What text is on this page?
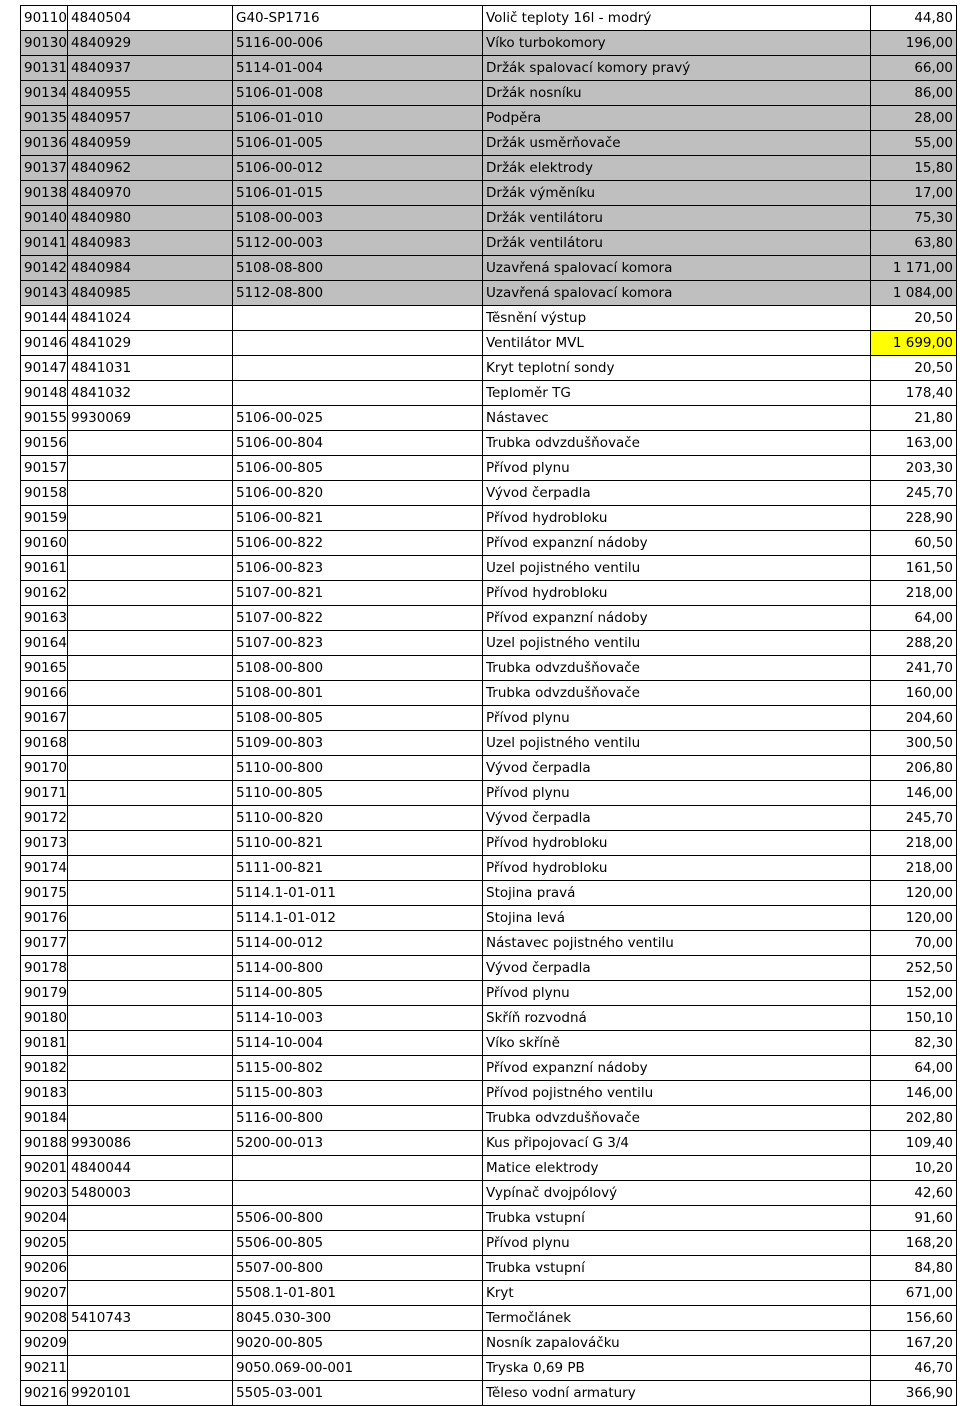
90110	4840504	G40-SP1716	Volič teploty 16l - modrý	44,80
90130	4840929	5116-00-006	Víko turbokomory	196,00
90131	4840937	5114-01-004	Držák spalovací komory pravý	66,00
90134	4840955	5106-01-008	Držák nosníku	86,00
90135	4840957	5106-01-010	Podpěra	28,00
90136	4840959	5106-01-005	Držák usměrňovače	55,00
90137	4840962	5106-00-012	Držák elektrody	15,80
90138	4840970	5106-01-015	Držák výměníku	17,00
90140	4840980	5108-00-003	Držák ventilátoru	75,30
90141	4840983	5112-00-003	Držák ventilátoru	63,80
90142	4840984	5108-08-800	Uzavřená spalovací komora	1 171,00
90143	4840985	5112-08-800	Uzavřená spalovací komora	1 084,00
90144	4841024		Těsnění výstup	20,50
90146	4841029		Ventilátor MVL	1 699,00
90147	4841031		Kryt teplotní sondy	20,50
90148	4841032		Teploměr TG	178,40
90155	9930069	5106-00-025	Nástavec	21,80
90156		5106-00-804	Trubka odvzdušňovače	163,00
90157		5106-00-805	Přívod plynu	203,30
90158		5106-00-820	Vývod čerpadla	245,70
90159		5106-00-821	Přívod hydrobloku	228,90
90160		5106-00-822	Přívod expanzní nádoby	60,50
90161		5106-00-823	Uzel pojistného ventilu	161,50
90162		5107-00-821	Přívod hydrobloku	218,00
90163		5107-00-822	Přívod expanzní nádoby	64,00
90164		5107-00-823	Uzel pojistného ventilu	288,20
90165		5108-00-800	Trubka odvzdušňovače	241,70
90166		5108-00-801	Trubka odvzdušňovače	160,00
90167		5108-00-805	Přívod plynu	204,60
90168		5109-00-803	Uzel pojistného ventilu	300,50
90170		5110-00-800	Vývod čerpadla	206,80
90171		5110-00-805	Přívod plynu	146,00
90172		5110-00-820	Vývod čerpadla	245,70
90173		5110-00-821	Přívod hydrobloku	218,00
90174		5111-00-821	Přívod hydrobloku	218,00
90175		5114.1-01-011	Stojina pravá	120,00
90176		5114.1-01-012	Stojina levá	120,00
90177		5114-00-012	Nástavec pojistného ventilu	70,00
90178		5114-00-800	Vývod čerpadla	252,50
90179		5114-00-805	Přívod plynu	152,00
90180		5114-10-003	Skříň rozvodná	150,10
90181		5114-10-004	Víko skříně	82,30
90182		5115-00-802	Přívod expanzní nádoby	64,00
90183		5115-00-803	Přívod pojistného ventilu	146,00
90184		5116-00-800	Trubka odvzdušňovače	202,80
90188	9930086	5200-00-013	Kus připojovací G 3/4	109,40
90201	4840044		Matice elektrody	10,20
90203	5480003		Vypínač dvojpólový	42,60
90204		5506-00-800	Trubka vstupní	91,60
90205		5506-00-805	Přívod plynu	168,20
90206		5507-00-800	Trubka vstupní	84,80
90207		5508.1-01-801	Kryt	671,00
90208	5410743	8045.030-300	Termočlánek	156,60
90209		9020-00-805	Nosník zapalováčku	167,20
90211		9050.069-00-001	Tryska 0,69 PB	46,70
90216	9920101	5505-03-001	Těleso vodní armatury	366,90
